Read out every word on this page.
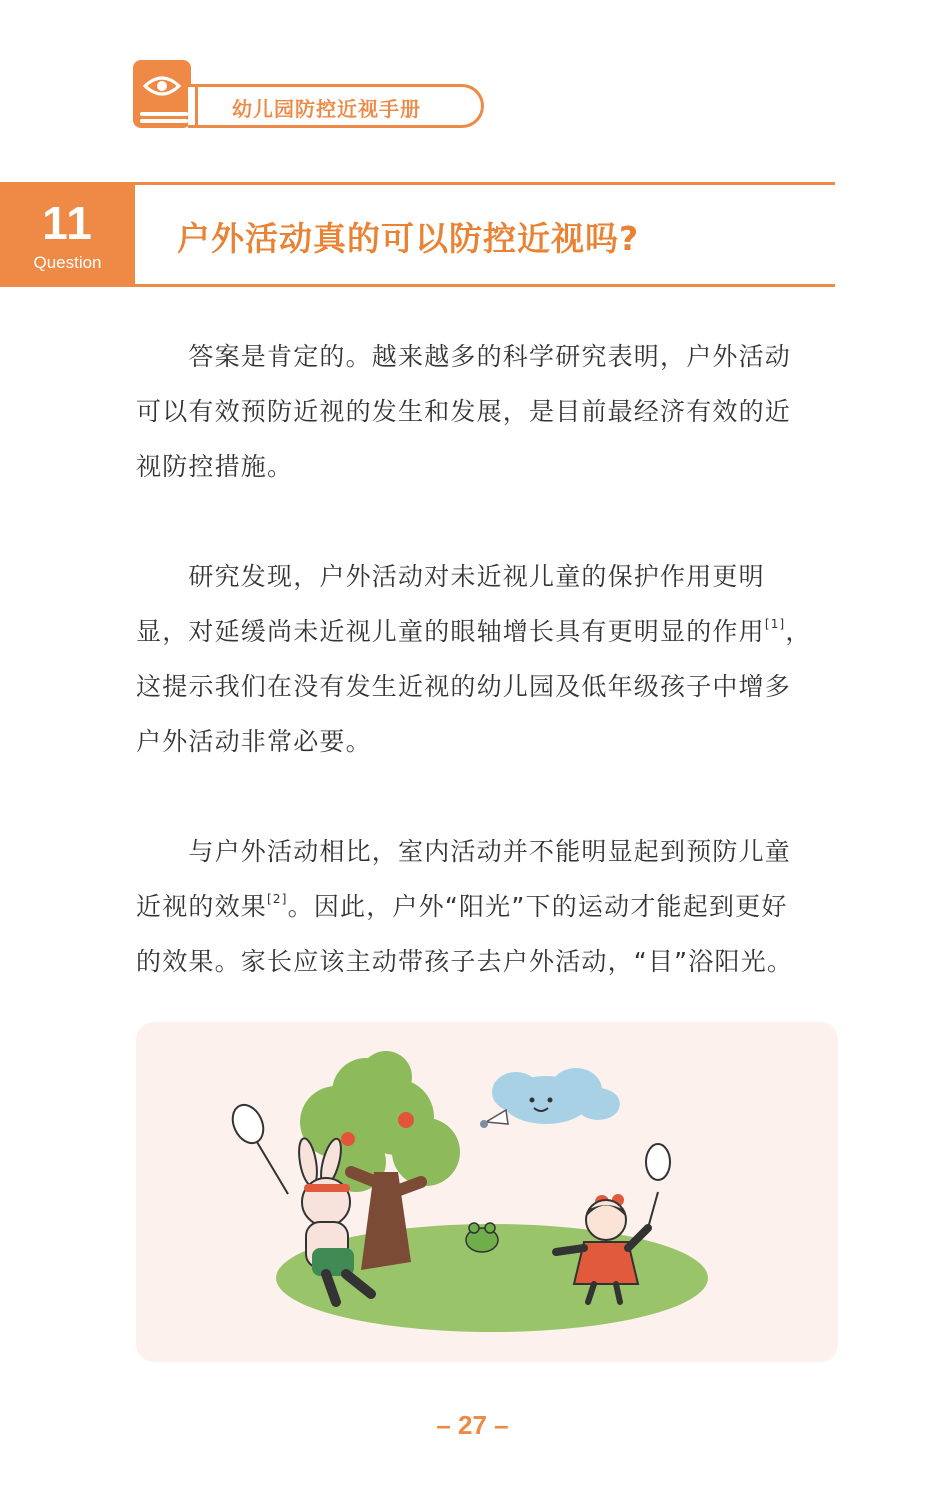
幼儿园防控近视手册
11
Question
户外活动真的可以防控近视吗?

　　答案是肯定的。越来越多的科学研究表明，户外活动

可以有效预防近视的发生和发展，是目前最经济有效的近

视防控措施。

　　研究发现，户外活动对未近视儿童的保护作用更明

显，对延缓尚未近视儿童的眼轴增长具有更明显的作用[1]，

这提示我们在没有发生近视的幼儿园及低年级孩子中增多

户外活动非常必要。

　　与户外活动相比，室内活动并不能明显起到预防儿童

近视的效果[2]。因此，户外“阳光”下的运动才能起到更好

的效果。家长应该主动带孩子去户外活动，“目”浴阳光。

– 27 –
